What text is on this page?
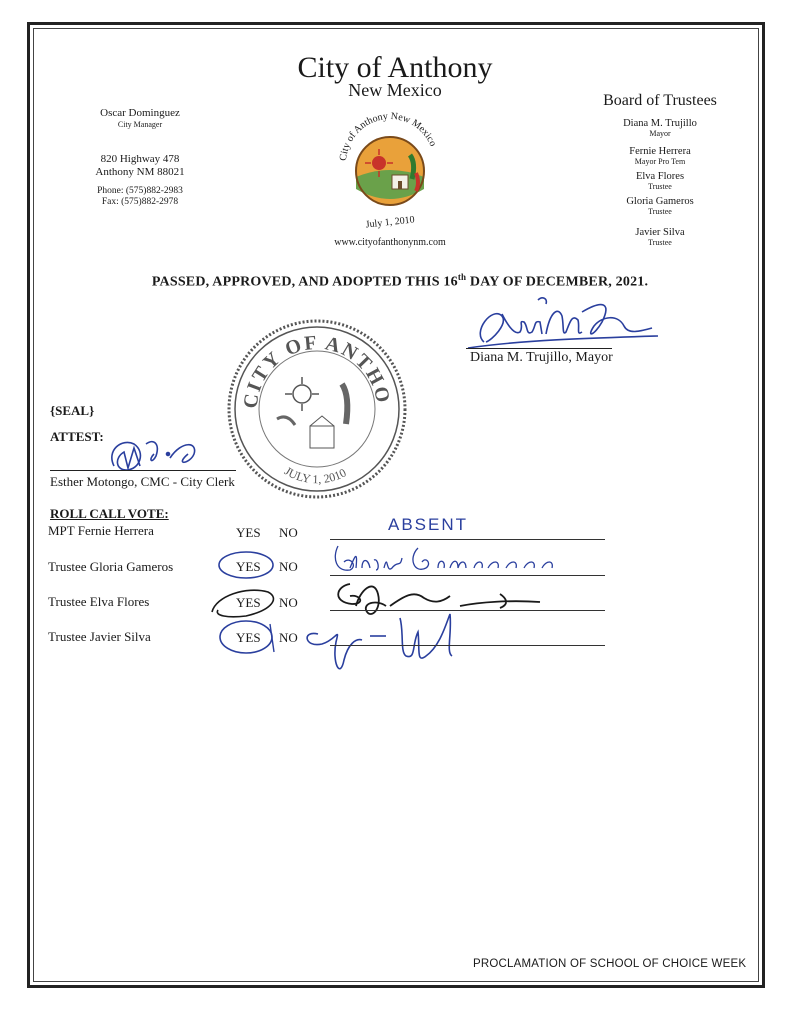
City of Anthony
New Mexico
Oscar Dominguez
City Manager
820 Highway 478
Anthony NM 88021
Phone: (575)882-2983
Fax: (575)882-2978
City of Anthony New Mexico
July 1, 2010
www.cityofanthonynm.com
Board of Trustees
Diana M. Trujillo
Mayor
Fernie Herrera
Mayor Pro Tem
Elva Flores
Trustee
Gloria Gameros
Trustee
Javier Silva
Trustee
PASSED, APPROVED, AND ADOPTED THIS 16th DAY OF DECEMBER, 2021.
Diana M. Trujillo, Mayor
CITY OF ANTHONY
JULY 1, 2010
{SEAL}
ATTEST:
Esther Motongo, CMC - City Clerk
ROLL CALL VOTE:
MPT Fernie Herrera	YES NO	ABSENT
Trustee Gloria Gameros	YES NO
Trustee Elva Flores	YES NO
Trustee Javier Silva	YES NO
PROCLAMATION OF SCHOOL OF CHOICE WEEK
